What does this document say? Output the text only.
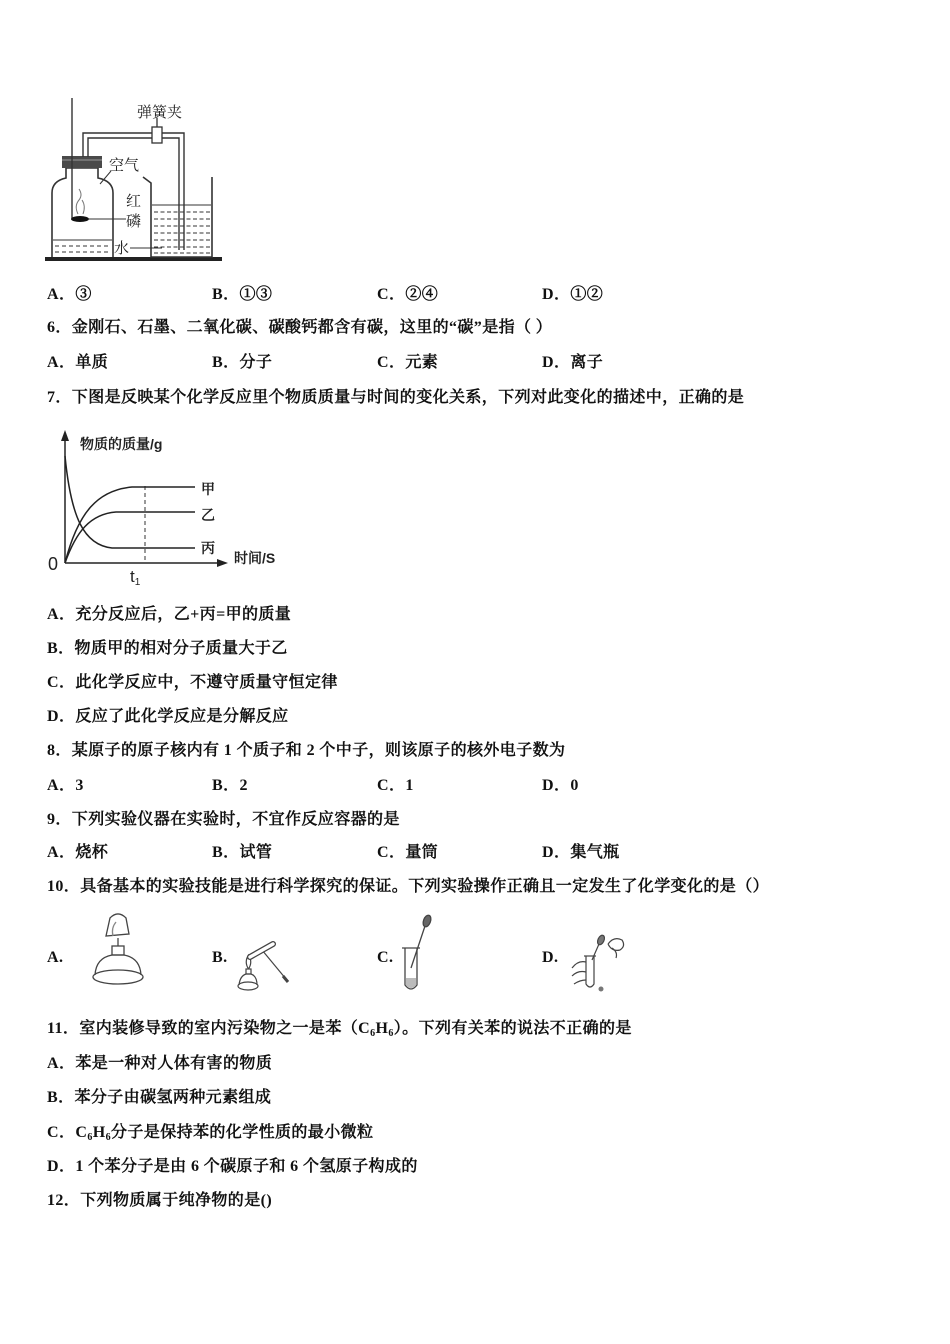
弹簧夹
空气
红
磷
水
A．③	B．①③	C．②④	D．①②
6．金刚石、石墨、二氧化碳、碳酸钙都含有碳，这里的“碳”是指（ ）
A．单质	B．分子	C．元素	D．离子
7．下图是反映某个化学反应里个物质质量与时间的变化关系，下列对此变化的描述中，正确的是
物质的质量/g
甲
乙
丙
时间/S
0
t1
A．充分反应后，乙+丙=甲的质量
B．物质甲的相对分子质量大于乙
C．此化学反应中，不遵守质量守恒定律
D．反应了此化学反应是分解反应
8．某原子的原子核内有 1 个质子和 2 个中子，则该原子的核外电子数为
A．3	B．2	C．1	D．0
9．下列实验仪器在实验时，不宜作反应容器的是
A．烧杯	B．试管	C．量筒	D．集气瓶
10．具备基本的实验技能是进行科学探究的保证。下列实验操作正确且一定发生了化学变化的是（）
A.	B.	C.	D.
11．室内装修导致的室内污染物之一是苯$(C_6H_6)$。下列有关苯的说法不正确的是
A．苯是一种对人体有害的物质
B．苯分子由碳氢两种元素组成
C．$C_6H_6$分子是保持苯的化学性质的最小微粒
D．1 个苯分子是由 6 个碳原子和 6 个氢原子构成的
12．下列物质属于纯净物的是()
